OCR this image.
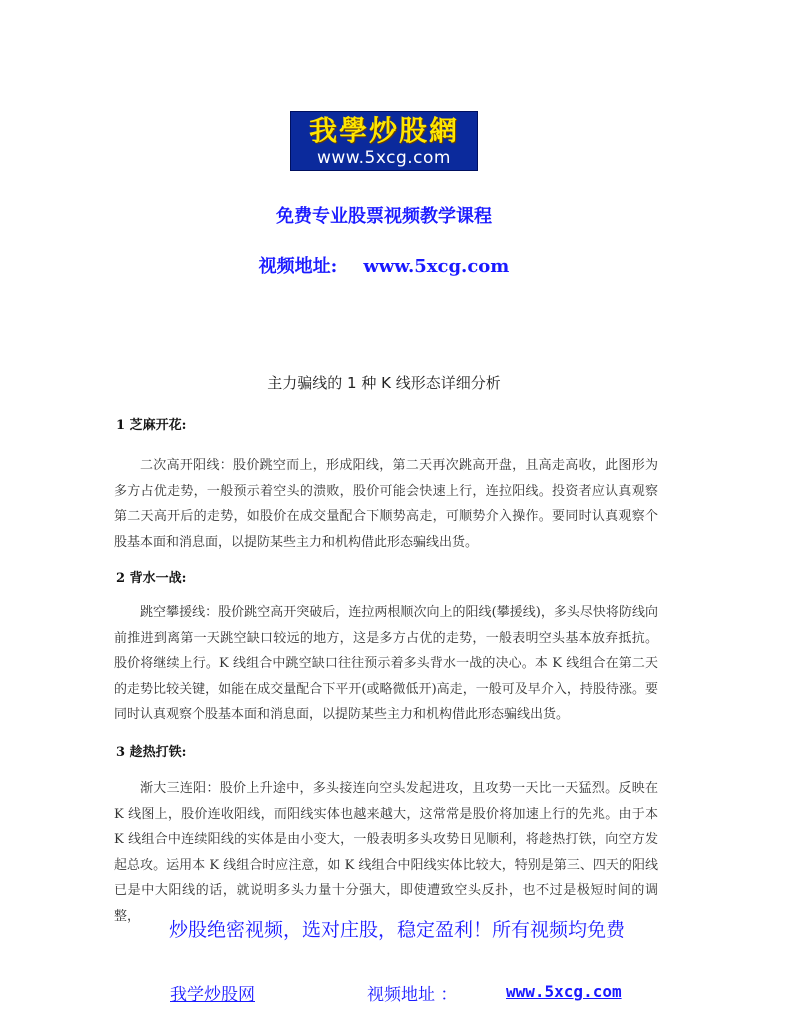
我學炒股網
www.5xcg.com
免费专业股票视频教学课程
视频地址: www.5xcg.com
主力骗线的 1 种 K 线形态详细分析
1 芝麻开花:

二次高开阳线：股价跳空而上，形成阳线，第二天再次跳高开盘，且高走高收，此图形为多方占优走势，一般预示着空头的溃败，股价可能会快速上行，连拉阳线。投资者应认真观察第二天高开后的走势，如股价在成交量配合下顺势高走，可顺势介入操作。要同时认真观察个股基本面和消息面，以提防某些主力和机构借此形态骗线出货。

2 背水一战:

跳空攀援线：股价跳空高开突破后，连拉两根顺次向上的阳线(攀援线)，多头尽快将防线向前推进到离第一天跳空缺口较远的地方，这是多方占优的走势，一般表明空头基本放弃抵抗。股价将继续上行。K 线组合中跳空缺口往往预示着多头背水一战的决心。本 K 线组合在第二天的走势比较关键，如能在成交量配合下平开(或略微低开)高走，一般可及早介入，持股待涨。要同时认真观察个股基本面和消息面，以提防某些主力和机构借此形态骗线出货。

3 趁热打铁:

渐大三连阳：股价上升途中，多头接连向空头发起进攻，且攻势一天比一天猛烈。反映在 K 线图上，股价连收阳线，而阳线实体也越来越大，这常常是股价将加速上行的先兆。由于本 K 线组合中连续阳线的实体是由小变大，一般表明多头攻势日见顺利，将趁热打铁，向空方发起总攻。运用本 K 线组合时应注意，如 K 线组合中阳线实体比较大，特别是第三、四天的阳线已是中大阳线的话，就说明多头力量十分强大，即使遭致空头反扑，也不过是极短时间的调整，

炒股绝密视频，选对庄股，稳定盈利！所有视频均免费
我学炒股网	视频地址 ：	www.5xcg.com
